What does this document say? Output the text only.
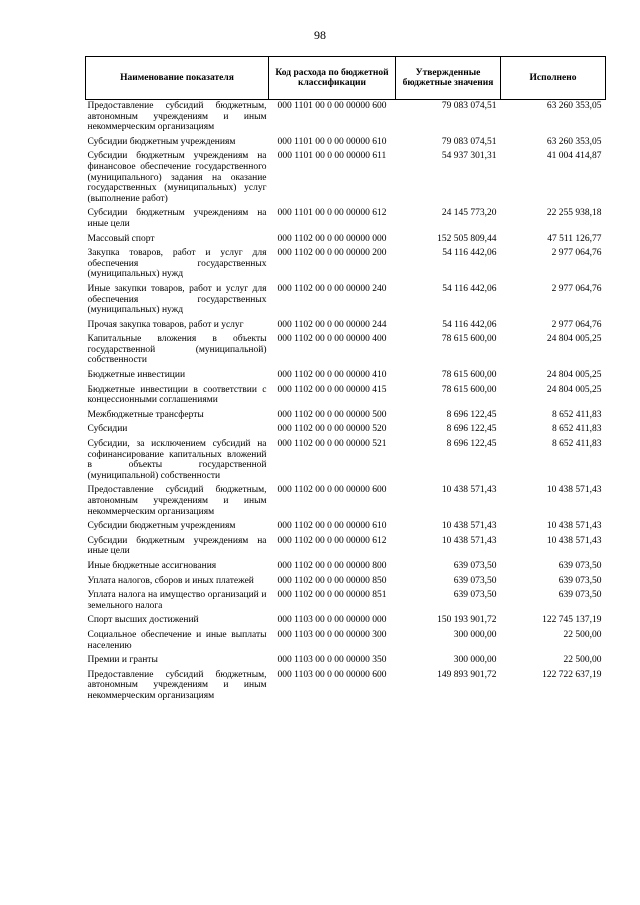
98
Наименование показателя	Код расхода по бюджетной классификации	Утвержденные бюджетные значения	Исполнено
Предоставление субсидий бюджетным, автономным учреждениям и иным некоммерческим организациям	000 1101 00 0 00 00000 600	79 083 074,51	63 260 353,05
Субсидии бюджетным учреждениям	000 1101 00 0 00 00000 610	79 083 074,51	63 260 353,05
Субсидии бюджетным учреждениям на финансовое обеспечение государственного (муниципального) задания на оказание государственных (муниципальных) услуг (выполнение работ)	000 1101 00 0 00 00000 611	54 937 301,31	41 004 414,87
Субсидии бюджетным учреждениям на иные цели	000 1101 00 0 00 00000 612	24 145 773,20	22 255 938,18
Массовый спорт	000 1102 00 0 00 00000 000	152 505 809,44	47 511 126,77
Закупка товаров, работ и услуг для обеспечения государственных (муниципальных) нужд	000 1102 00 0 00 00000 200	54 116 442,06	2 977 064,76
Иные закупки товаров, работ и услуг для обеспечения государственных (муниципальных) нужд	000 1102 00 0 00 00000 240	54 116 442,06	2 977 064,76
Прочая закупка товаров, работ и услуг	000 1102 00 0 00 00000 244	54 116 442,06	2 977 064,76
Капитальные вложения в объекты государственной (муниципальной) собственности	000 1102 00 0 00 00000 400	78 615 600,00	24 804 005,25
Бюджетные инвестиции	000 1102 00 0 00 00000 410	78 615 600,00	24 804 005,25
Бюджетные инвестиции в соответствии с концессионными соглашениями	000 1102 00 0 00 00000 415	78 615 600,00	24 804 005,25
Межбюджетные трансферты	000 1102 00 0 00 00000 500	8 696 122,45	8 652 411,83
Субсидии	000 1102 00 0 00 00000 520	8 696 122,45	8 652 411,83
Субсидии, за исключением субсидий на софинансирование капитальных вложений в объекты государственной (муниципальной) собственности	000 1102 00 0 00 00000 521	8 696 122,45	8 652 411,83
Предоставление субсидий бюджетным, автономным учреждениям и иным некоммерческим организациям	000 1102 00 0 00 00000 600	10 438 571,43	10 438 571,43
Субсидии бюджетным учреждениям	000 1102 00 0 00 00000 610	10 438 571,43	10 438 571,43
Субсидии бюджетным учреждениям на иные цели	000 1102 00 0 00 00000 612	10 438 571,43	10 438 571,43
Иные бюджетные ассигнования	000 1102 00 0 00 00000 800	639 073,50	639 073,50
Уплата налогов, сборов и иных платежей	000 1102 00 0 00 00000 850	639 073,50	639 073,50
Уплата налога на имущество организаций и земельного налога	000 1102 00 0 00 00000 851	639 073,50	639 073,50
Спорт высших достижений	000 1103 00 0 00 00000 000	150 193 901,72	122 745 137,19
Социальное обеспечение и иные выплаты населению	000 1103 00 0 00 00000 300	300 000,00	22 500,00
Премии и гранты	000 1103 00 0 00 00000 350	300 000,00	22 500,00
Предоставление субсидий бюджетным, автономным учреждениям и иным некоммерческим организациям	000 1103 00 0 00 00000 600	149 893 901,72	122 722 637,19
